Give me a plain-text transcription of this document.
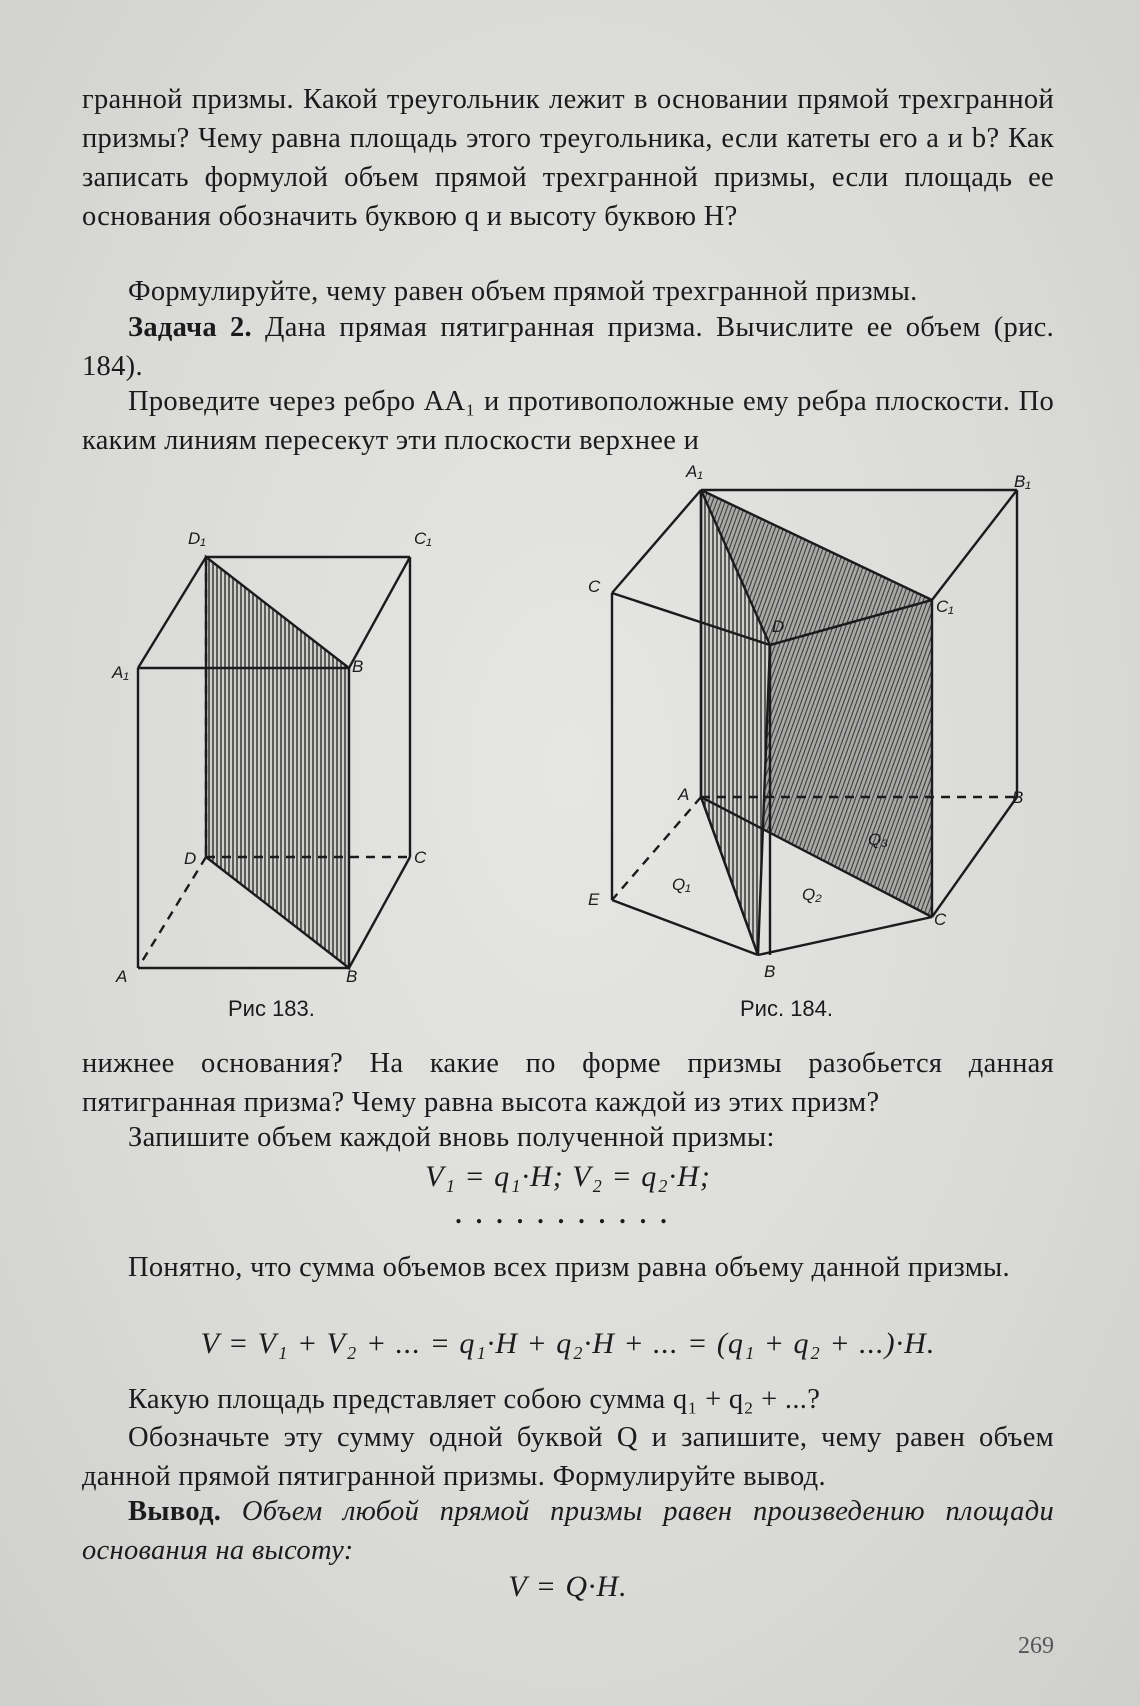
гранной призмы. Какой треугольник лежит в основании прямой трехгранной призмы? Чему равна площадь этого треугольника, если катеты его a и b? Как записать формулой объем прямой трехгранной призмы, если площадь ее основания обозначить буквою q и высоту буквою H?
Формулируйте, чему равен объем прямой трехгранной призмы.
Задача 2. Дана прямая пятигранная призма. Вычислите ее объем (рис. 184).
Проведите через ребро AA₁ и противоположные ему ребра плоскости. По каким линиям пересекут эти плоскости верхнее и
D₁	C₁
A₁	B
D	C
A	B
A₁
B₁
C₁
C
D
A	B
E
B
C
Q₁
Q₂
Q₃
Рис 183.	Рис. 184.
нижнее основания? На какие по форме призмы разобьется данная пятигранная призма? Чему равна высота каждой из этих призм?
Запишите объем каждой вновь полученной призмы:
V₁ = q₁·H; V₂ = q₂·H;
...........
Понятно, что сумма объемов всех призм равна объему данной призмы.
V = V₁ + V₂ + ... = q₁·H + q₂·H + ... = (q₁ + q₂ + ...)·H.
Какую площадь представляет собою сумма q₁ + q₂ + ...?
Обозначьте эту сумму одной буквой Q и запишите, чему равен объем данной прямой пятигранной призмы. Формулируйте вывод.
Вывод. Объем любой прямой призмы равен произведению площади основания на высоту:
V = Q·H.
269
